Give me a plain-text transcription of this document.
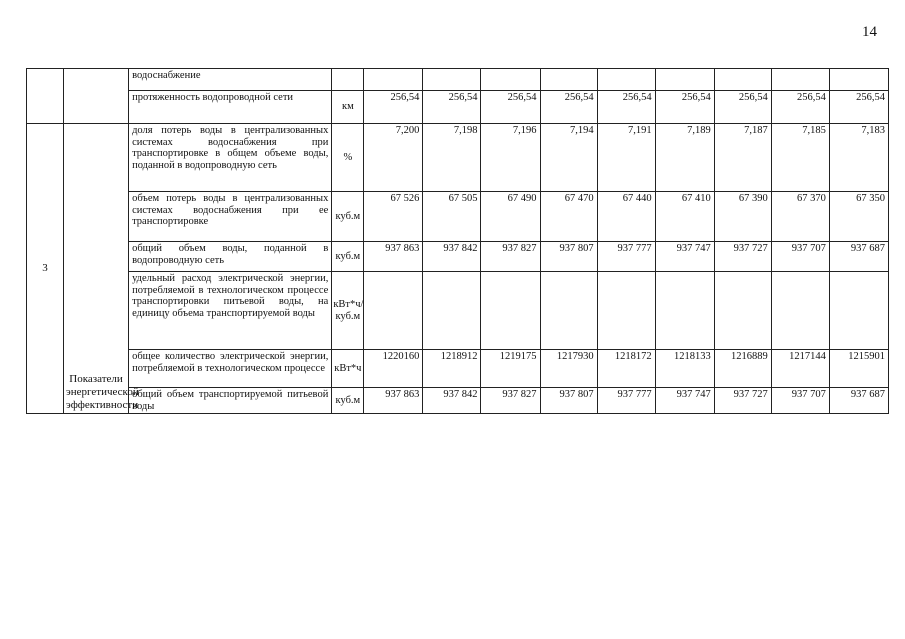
14
		водоснабжение										
		протяженность водопроводной сети	км	256,54	256,54	256,54	256,54	256,54	256,54	256,54	256,54	256,54
3	Показатели энергетической эффективности	доля потерь воды в централизованных системах водоснабжения при транспортировке в общем объеме воды, поданной в водопроводную сеть	%	7,200	7,198	7,196	7,194	7,191	7,189	7,187	7,185	7,183
		объем потерь воды в централизованных системах водоснабжения при ее транспортировке	куб.м	67 526	67 505	67 490	67 470	67 440	67 410	67 390	67 370	67 350
		общий объем воды, поданной в водопроводную сеть	куб.м	937 863	937 842	937 827	937 807	937 777	937 747	937 727	937 707	937 687
		удельный расход электрической энергии, потребляемой в технологическом процессе транспортировки питьевой воды, на единицу объема транспортируемой воды	кВт*ч/куб.м									
		общее количество электрической энергии, потребляемой в технологическом процессе	кВт*ч	1220160	1218912	1219175	1217930	1218172	1218133	1216889	1217144	1215901
		общий объем транспортируемой питьевой воды	куб.м	937 863	937 842	937 827	937 807	937 777	937 747	937 727	937 707	937 687
